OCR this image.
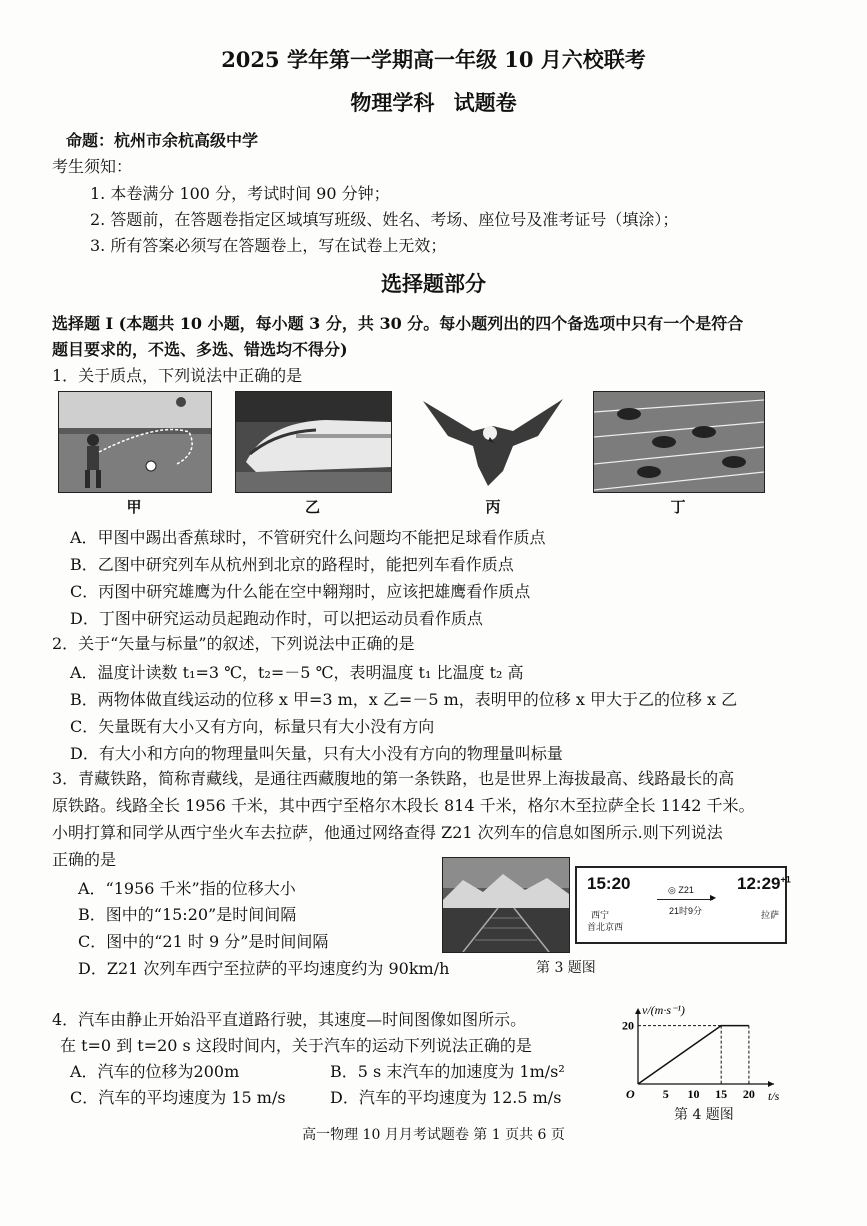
2025 学年第一学期高一年级 10 月六校联考
物理学科 试题卷
命题：杭州市余杭高级中学
考生须知：
1. 本卷满分 100 分，考试时间 90 分钟；
2. 答题前，在答题卷指定区域填写班级、姓名、考场、座位号及准考证号（填涂）；
3. 所有答案必须写在答题卷上，写在试卷上无效；
选择题部分
选择题 I (本题共 10 小题，每小题 3 分，共 30 分。每小题列出的四个备选项中只有一个是符合
题目要求的，不选、多选、错选均不得分)
1．关于质点，下列说法中正确的是
甲	乙	丙	丁
A．甲图中踢出香蕉球时，不管研究什么问题均不能把足球看作质点
B．乙图中研究列车从杭州到北京的路程时，能把列车看作质点
C．丙图中研究雄鹰为什么能在空中翱翔时，应该把雄鹰看作质点
D．丁图中研究运动员起跑动作时，可以把运动员看作质点
2．关于“矢量与标量”的叙述，下列说法中正确的是
A．温度计读数 t₁=3 ℃，t₂=－5 ℃，表明温度 t₁ 比温度 t₂ 高
B．两物体做直线运动的位移 x 甲=3 m，x 乙=－5 m，表明甲的位移 x 甲大于乙的位移 x 乙
C．矢量既有大小又有方向，标量只有大小没有方向
D．有大小和方向的物理量叫矢量，只有大小没有方向的物理量叫标量
3．青藏铁路，简称青藏线，是通往西藏腹地的第一条铁路，也是世界上海拔最高、线路最长的高
原铁路。线路全长 1956 千米，其中西宁至格尔木段长 814 千米，格尔木至拉萨全长 1142 千米。
小明打算和同学从西宁坐火车去拉萨，他通过网络查得 Z21 次列车的信息如图所示.则下列说法
正确的是
A．“1956 千米”指的位移大小
B．图中的“15:20”是时间间隔
C．图中的“21 时 9 分”是时间间隔
D．Z21 次列车西宁至拉萨的平均速度约为 90km/h
15:20	$12:29^{+1}$
◎ Z21
▶
21时9分
西宁
首北京西
拉萨
第 3 题图
4．汽车由静止开始沿平直道路行驶，其速度—时间图像如图所示。
在 t=0 到 t=20 s 这段时间内，关于汽车的运动下列说法正确的是
A．汽车的位移为200m	B．5 s 末汽车的加速度为 1m/s²
C．汽车的平均速度为 15 m/s	D．汽车的平均速度为 12.5 m/s
v/(m·s⁻¹)
t/s
O 5 10 15 20
20
第 4 题图
高一物理 10 月月考试题卷 第 1 页共 6 页
